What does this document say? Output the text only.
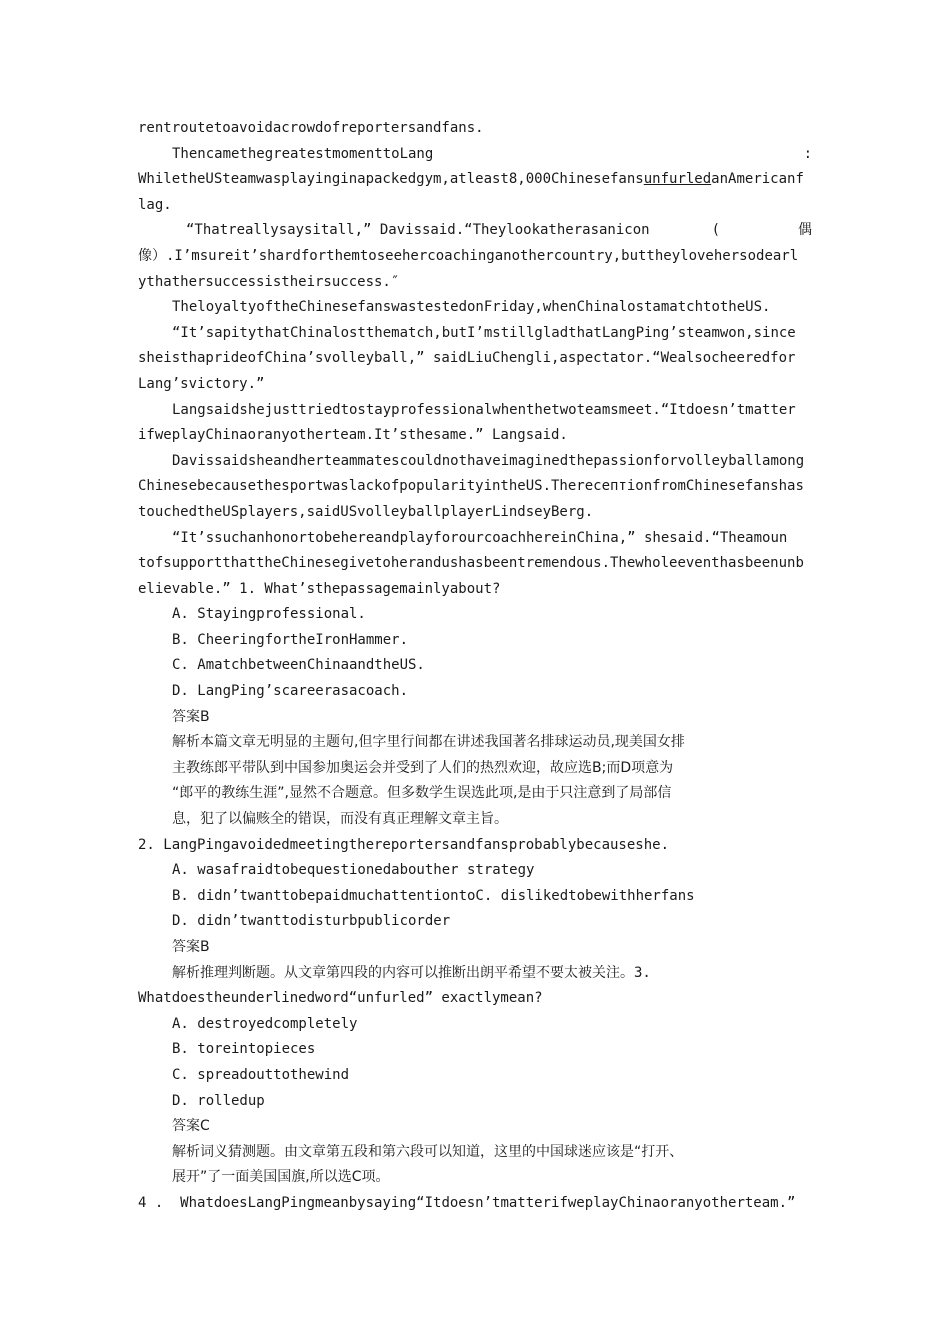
rentroutetoavoidacrowdofreportersandfans.
ThencamethegreatestmomenttoLang	:
WhiletheUSteamwasplayinginapackedgym,atleast8,000ChinesefansunfurledanAmericanf
lag.
“Thatreallysaysitall,” Davissaid.“Theylookatherasanicon	(	偶
像）.I’msureit’shardforthemtoseehercoachinganothercountry,buttheylovehersodearl
ythathersuccessistheirsuccess.″
TheloyaltyoftheChinesefanswastestedonFriday,whenChinalostamatchtotheUS.
“It’sapitythatChinalostthematch,butI’mstillgladthatLangPing’steamwon,since
sheisthaprideofChina’svolleyball,” saidLiuChengli,aspectator.“Wealsocheeredfor
Lang’svictory.”
Langsaidshejusttriedtostayprofessionalwhenthetwoteamsmeet.“Itdoesn’tmatter
ifweplayChinaoranyotherteam.It’sthesame.” Langsaid.
Davissaidsheandherteammatescouldnothaveimaginedthepassionforvolleyballamong
ChinesebecausethesportwaslackofpopularityintheUS.TherecептionfromChinesefanshas
touchedtheUSplayers,saidUSvolleyballplayerLindseyBerg.
“It’ssuchanhonortobehereandplayforourcoachhereinChina,” shesaid.“Theamoun
tofsupportthattheChinesegivetoherandushasbeentremendous.Thewholeeventhasbeenunb
elievable.” 1. What’sthepassagemainlyabout?
A. Stayingprofessional.
B. CheeringfortheIronHammer.
C. AmatchbetweenChinaandtheUS.
D. LangPing’scareerasacoach.
答案B
解析本篇文章无明显的主题句,但字里行间都在讲述我国著名排球运动员,现美国女排
主教练郎平带队到中国参加奥运会并受到了人们的热烈欢迎，故应选B;而D项意为
“郎平的教练生涯”,显然不合题意。但多数学生误选此项,是由于只注意到了局部信
息，犯了以偏赅全的错误，而没有真正理解文章主旨。
2. LangPingavoidedmeetingthereportersandfansprobablybecauseshe.
A. wasafraidtobequestionedabouther strategy
B. didn’twanttobepaidmuchattentiontoC. dislikedtobewithherfans
D. didn’twanttodisturbpublicorder
答案B
解析推理判断题。从文章第四段的内容可以推断出朗平希望不要太被关注。3.
Whatdoestheunderlinedword“unfurled” exactlymean?
A. destroyedcompletely
B. toreintopieces
C. spreadouttothewind
D. rolledup
答案C
解析词义猜测题。由文章第五段和第六段可以知道，这里的中国球迷应该是“打开、
展开”了一面美国国旗,所以选C项。
4 . WhatdoesLangPingmeanbysaying“Itdoesn’tmatterifweplayChinaoranyotherteam.”
